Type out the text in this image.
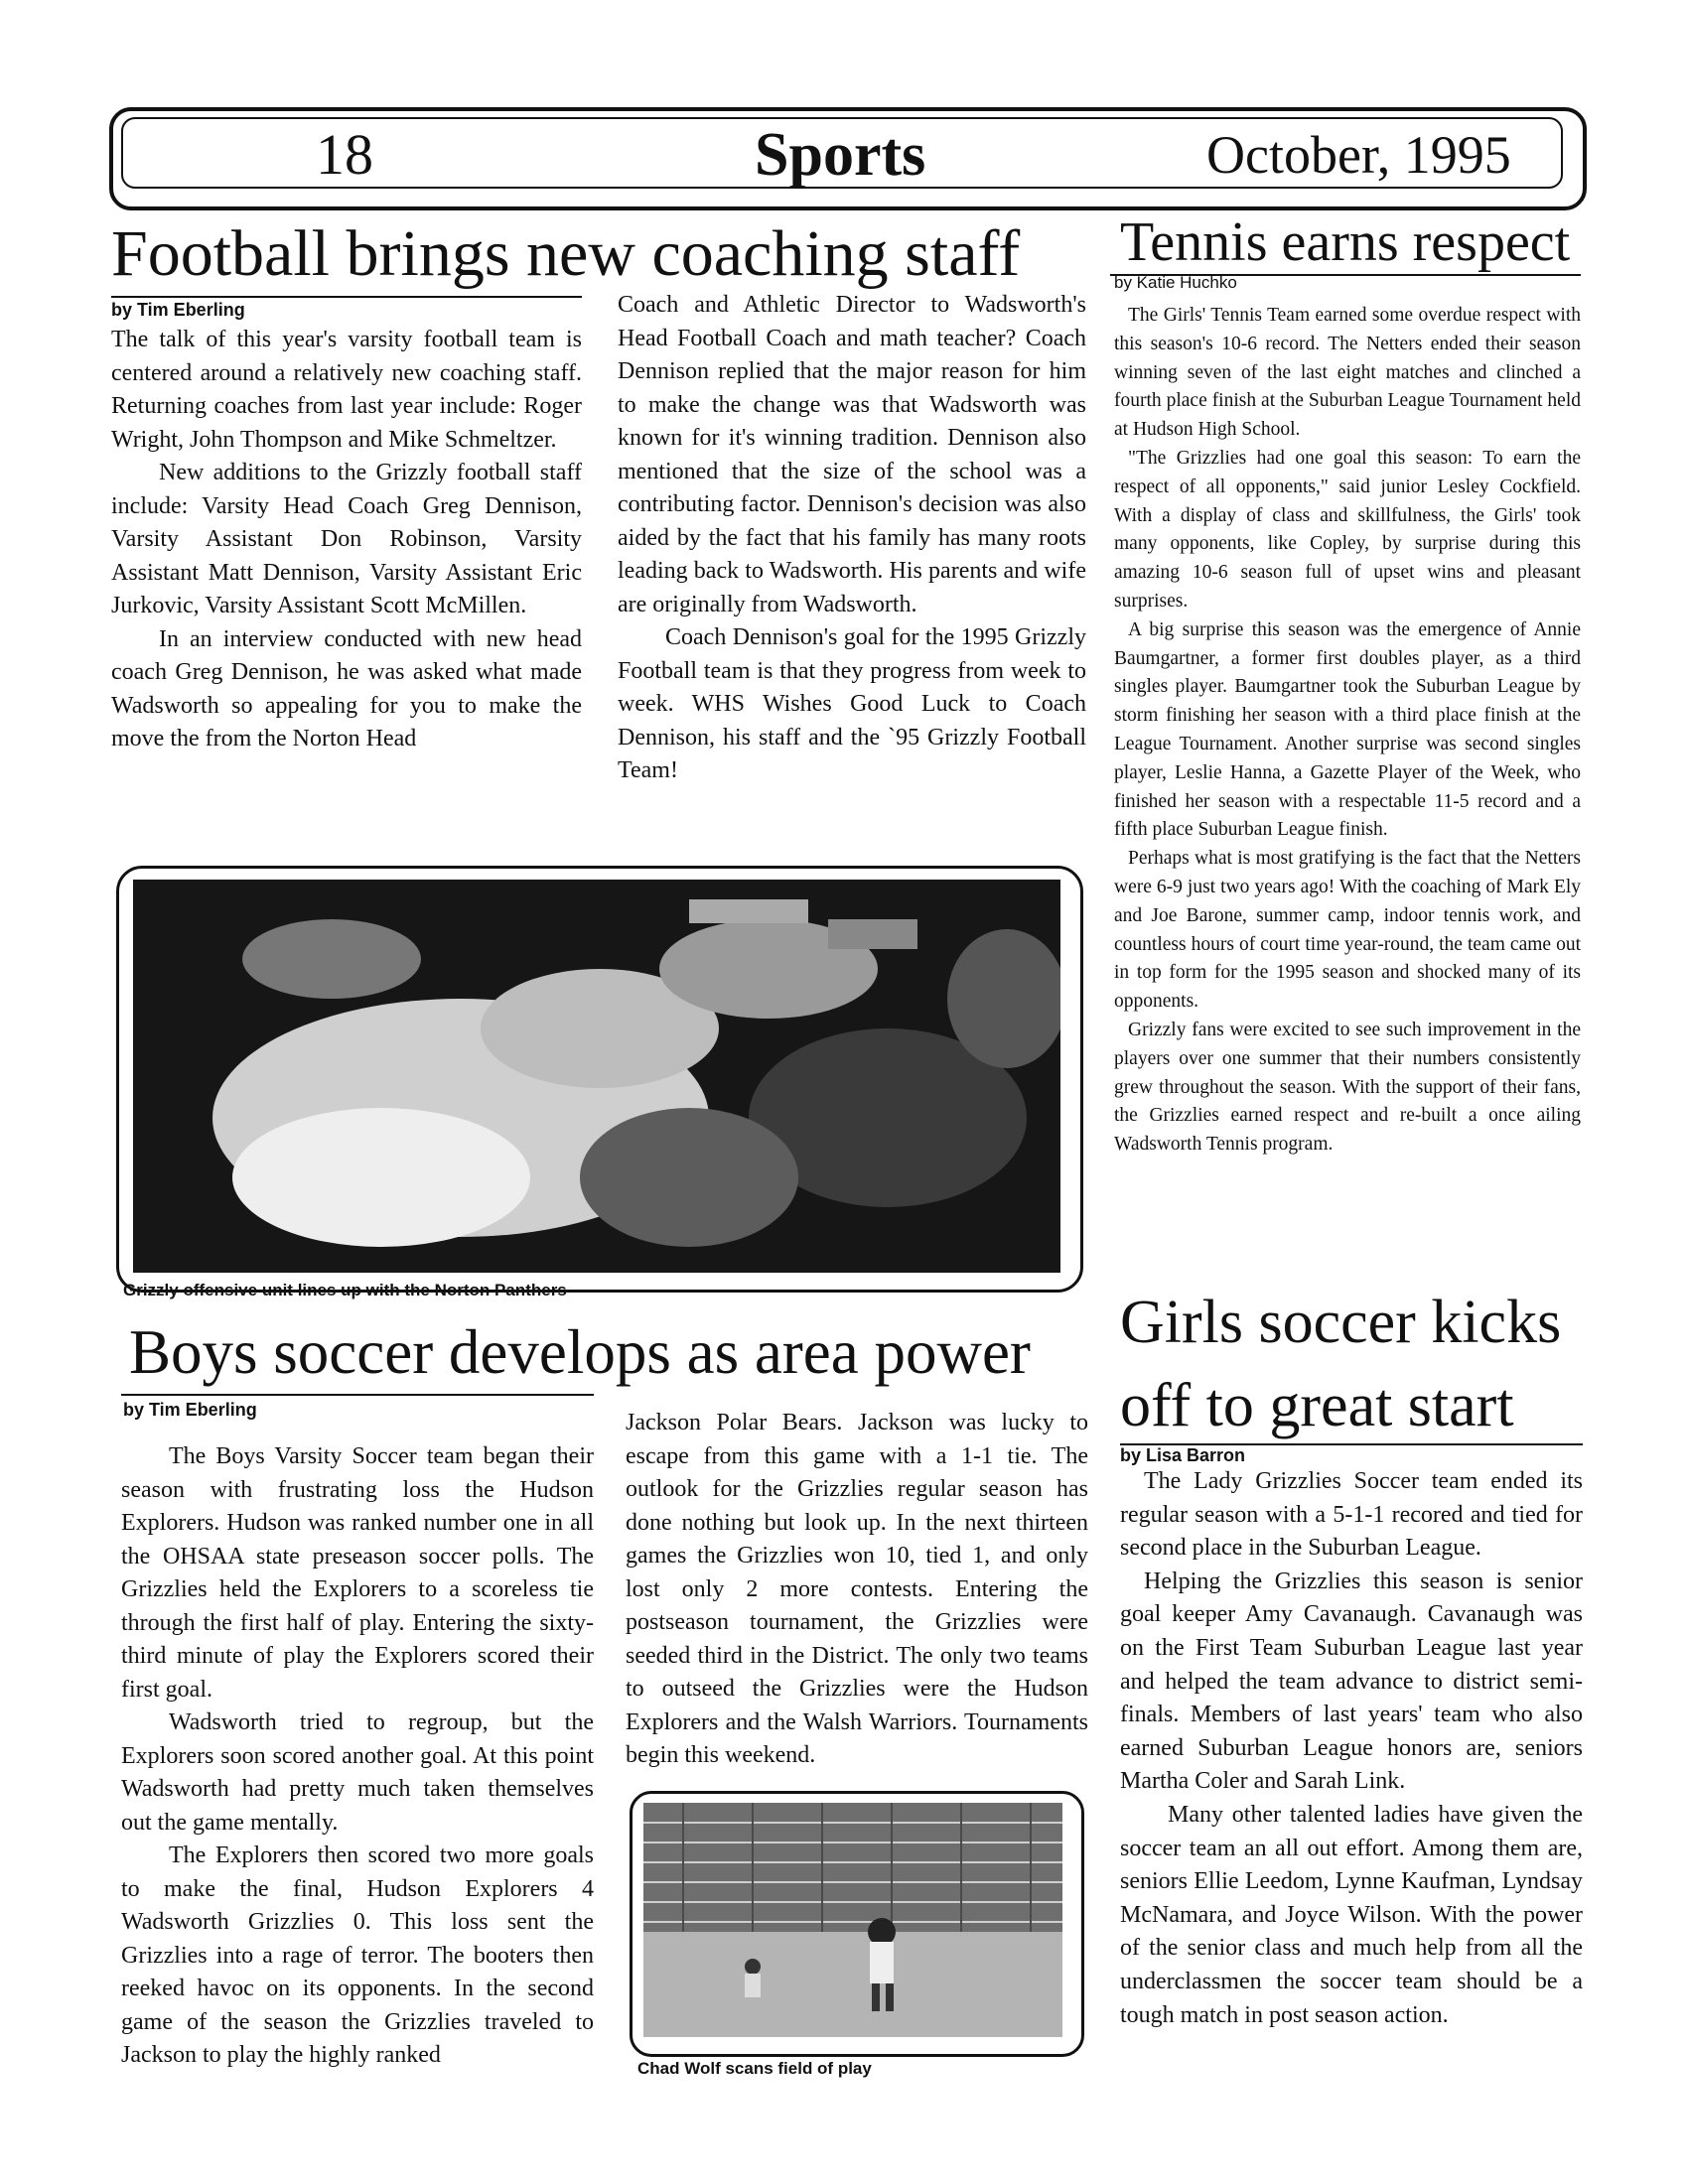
18	Sports	October, 1995
Football brings new coaching staff
by Tim Eberling

The talk of this year's varsity football team is centered around a relatively new coaching staff. Returning coaches from last year include: Roger Wright, John Thompson and Mike Schmeltzer.

New additions to the Grizzly football staff include: Varsity Head Coach Greg Dennison, Varsity Assistant Don Robinson, Varsity Assistant Matt Dennison, Varsity Assistant Eric Jurkovic, Varsity Assistant Scott McMillen.

In an interview conducted with new head coach Greg Dennison, he was asked what made Wadsworth so appealing for you to make the move the from the Norton Head

Coach and Athletic Director to Wadsworth's Head Football Coach and math teacher? Coach Dennison replied that the major reason for him to make the change was that Wadsworth was known for it's winning tradition. Dennison also mentioned that the size of the school was a contributing factor. Dennison's decision was also aided by the fact that his family has many roots leading back to Wadsworth. His parents and wife are originally from Wadsworth.

Coach Dennison's goal for the 1995 Grizzly Football team is that they progress from week to week. WHS Wishes Good Luck to Coach Dennison, his staff and the `95 Grizzly Football Team!

Grizzly offensive unit lines up with the Norton Panthers
Tennis earns respect
by Katie Huchko

The Girls' Tennis Team earned some overdue respect with this season's 10-6 record. The Netters ended their season winning seven of the last eight matches and clinched a fourth place finish at the Suburban League Tournament held at Hudson High School.

"The Grizzlies had one goal this season: To earn the respect of all opponents," said junior Lesley Cockfield. With a display of class and skillfulness, the Girls' took many opponents, like Copley, by surprise during this amazing 10-6 season full of upset wins and pleasant surprises.

A big surprise this season was the emergence of Annie Baumgartner, a former first doubles player, as a third singles player. Baumgartner took the Suburban League by storm finishing her season with a third place finish at the League Tournament. Another surprise was second singles player, Leslie Hanna, a Gazette Player of the Week, who finished her season with a respectable 11-5 record and a fifth place Suburban League finish.

Perhaps what is most gratifying is the fact that the Netters were 6-9 just two years ago! With the coaching of Mark Ely and Joe Barone, summer camp, indoor tennis work, and countless hours of court time year-round, the team came out in top form for the 1995 season and shocked many of its opponents.

Grizzly fans were excited to see such improvement in the players over one summer that their numbers consistently grew throughout the season. With the support of their fans, the Grizzlies earned respect and re-built a once ailing Wadsworth Tennis program.

Boys soccer develops as area power
by Tim Eberling

The Boys Varsity Soccer team began their season with frustrating loss the Hudson Explorers. Hudson was ranked number one in all the OHSAA state preseason soccer polls. The Grizzlies held the Explorers to a scoreless tie through the first half of play. Entering the sixty-third minute of play the Explorers scored their first goal.

Wadsworth tried to regroup, but the Explorers soon scored another goal. At this point Wadsworth had pretty much taken themselves out the game mentally.

The Explorers then scored two more goals to make the final, Hudson Explorers 4 Wadsworth Grizzlies 0. This loss sent the Grizzlies into a rage of terror. The booters then reeked havoc on its opponents. In the second game of the season the Grizzlies traveled to Jackson to play the highly ranked

Jackson Polar Bears. Jackson was lucky to escape from this game with a 1-1 tie. The outlook for the Grizzlies regular season has done nothing but look up. In the next thirteen games the Grizzlies won 10, tied 1, and only lost only 2 more contests. Entering the postseason tournament, the Grizzlies were seeded third in the District. The only two teams to outseed the Grizzlies were the Hudson Explorers and the Walsh Warriors. Tournaments begin this weekend.

Chad Wolf scans field of play
Girls soccer kicks off to great start
by Lisa Barron

The Lady Grizzlies Soccer team ended its regular season with a 5-1-1 recored and tied for second place in the Suburban League.

Helping the Grizzlies this season is senior goal keeper Amy Cavanaugh. Cavanaugh was on the First Team Suburban League last year and helped the team advance to district semi-finals. Members of last years' team who also earned Suburban League honors are, seniors Martha Coler and Sarah Link.

Many other talented ladies have given the soccer team an all out effort. Among them are, seniors Ellie Leedom, Lynne Kaufman, Lyndsay McNamara, and Joyce Wilson. With the power of the senior class and much help from all the underclassmen the soccer team should be a tough match in post season action.
